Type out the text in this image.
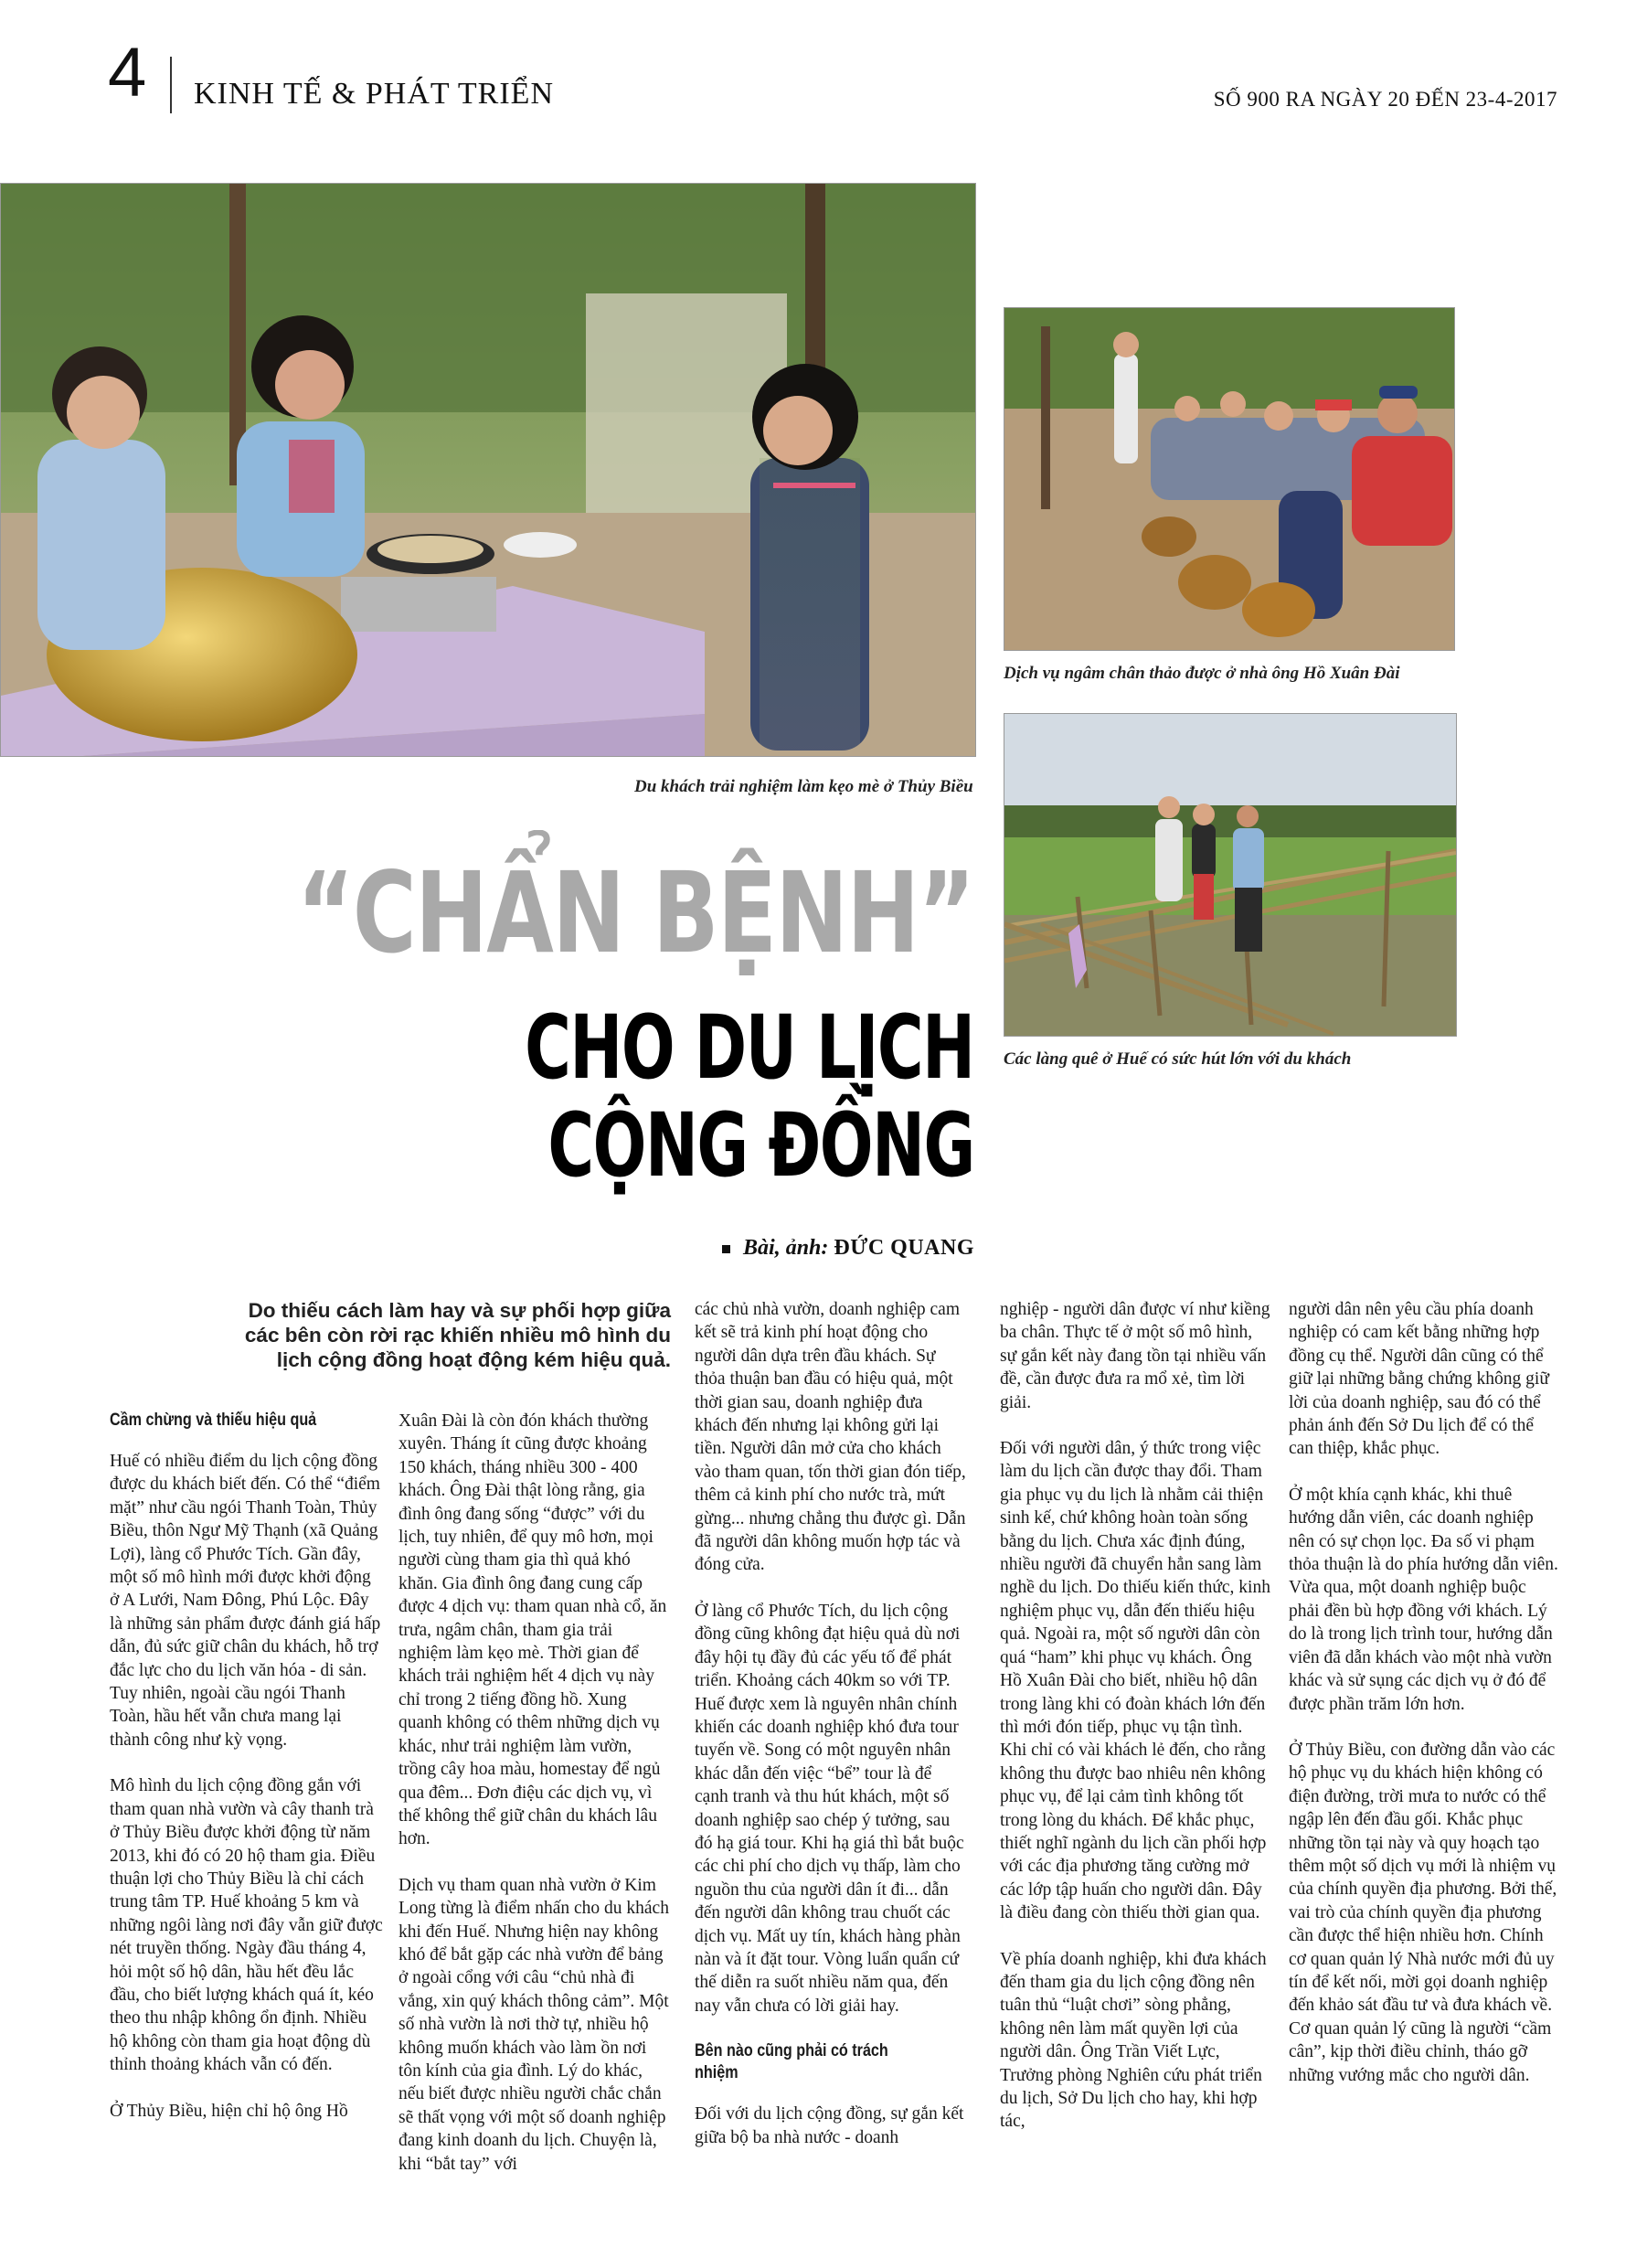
4 KINH TẾ & PHÁT TRIỂN	SỐ 900 RA NGÀY 20 ĐẾN 23-4-2017
Du khách trải nghiệm làm kẹo mè ở Thủy Biều
Dịch vụ ngâm chân thảo được ở nhà ông Hồ Xuân Đài
Các làng quê ở Huế có sức hút lớn với du khách
“CHẨN BỆNH”
CHO DU LỊCH
CỘNG ĐỒNG
Bài, ảnh: ĐỨC QUANG
Do thiếu cách làm hay và sự phối hợp giữa các bên còn rời rạc khiến nhiều mô hình du lịch cộng đồng hoạt động kém hiệu quả.
Cầm chừng và thiếu hiệu quả

Huế có nhiều điểm du lịch cộng đồng được du khách biết đến. Có thể “điểm mặt” như cầu ngói Thanh Toàn, Thủy Biều, thôn Ngư Mỹ Thạnh (xã Quảng Lợi), làng cổ Phước Tích. Gần đây, một số mô hình mới được khởi động ở A Lưới, Nam Đông, Phú Lộc. Đây là những sản phẩm được đánh giá hấp dẫn, đủ sức giữ chân du khách, hỗ trợ đắc lực cho du lịch văn hóa - di sản. Tuy nhiên, ngoài cầu ngói Thanh Toàn, hầu hết vẫn chưa mang lại thành công như kỳ vọng.

Mô hình du lịch cộng đồng gắn với tham quan nhà vườn và cây thanh trà ở Thủy Biều được khởi động từ năm 2013, khi đó có 20 hộ tham gia. Điều thuận lợi cho Thủy Biều là chỉ cách trung tâm TP. Huế khoảng 5 km và những ngôi làng nơi đây vẫn giữ được nét truyền thống. Ngày đầu tháng 4, hỏi một số hộ dân, hầu hết đều lắc đầu, cho biết lượng khách quá ít, kéo theo thu nhập không ổn định. Nhiều hộ không còn tham gia hoạt động dù thỉnh thoảng khách vẫn có đến.

Ở Thủy Biều, hiện chỉ hộ ông Hồ

Xuân Đài là còn đón khách thường xuyên. Tháng ít cũng được khoảng 150 khách, tháng nhiều 300 - 400 khách. Ông Đài thật lòng rằng, gia đình ông đang sống “được” với du lịch, tuy nhiên, để quy mô hơn, mọi người cùng tham gia thì quả khó khăn. Gia đình ông đang cung cấp được 4 dịch vụ: tham quan nhà cổ, ăn trưa, ngâm chân, tham gia trải nghiệm làm kẹo mè. Thời gian để khách trải nghiệm hết 4 dịch vụ này chỉ trong 2 tiếng đồng hồ. Xung quanh không có thêm những dịch vụ khác, như trải nghiệm làm vườn, trồng cây hoa màu, homestay để ngủ qua đêm... Đơn điệu các dịch vụ, vì thế không thể giữ chân du khách lâu hơn.

Dịch vụ tham quan nhà vườn ở Kim Long từng là điểm nhấn cho du khách khi đến Huế. Nhưng hiện nay không khó để bắt gặp các nhà vườn để bảng ở ngoài cổng với câu “chủ nhà đi vắng, xin quý khách thông cảm”. Một số nhà vườn là nơi thờ tự, nhiều hộ không muốn khách vào làm ồn nơi tôn kính của gia đình. Lý do khác, nếu biết được nhiều người chắc chắn sẽ thất vọng với một số doanh nghiệp đang kinh doanh du lịch. Chuyện là, khi “bắt tay” với

các chủ nhà vườn, doanh nghiệp cam kết sẽ trả kinh phí hoạt động cho người dân dựa trên đầu khách. Sự thỏa thuận ban đầu có hiệu quả, một thời gian sau, doanh nghiệp đưa khách đến nhưng lại không gửi lại tiền. Người dân mở cửa cho khách vào tham quan, tốn thời gian đón tiếp, thêm cả kinh phí cho nước trà, mứt gừng... nhưng chẳng thu được gì. Dẫn đã người dân không muốn hợp tác và đóng cửa.

Ở làng cổ Phước Tích, du lịch cộng đồng cũng không đạt hiệu quả dù nơi đây hội tụ đầy đủ các yếu tố để phát triển. Khoảng cách 40km so với TP. Huế được xem là nguyên nhân chính khiến các doanh nghiệp khó đưa tour tuyến về. Song có một nguyên nhân khác dẫn đến việc “bể” tour là để cạnh tranh và thu hút khách, một số doanh nghiệp sao chép ý tưởng, sau đó hạ giá tour. Khi hạ giá thì bắt buộc các chi phí cho dịch vụ thấp, làm cho nguồn thu của người dân ít đi... dẫn đến người dân không trau chuốt các dịch vụ. Mất uy tín, khách hàng phàn nàn và ít đặt tour. Vòng luẩn quẩn cứ thế diễn ra suốt nhiều năm qua, đến nay vẫn chưa có lời giải hay.

Bên nào cũng phải có trách nhiệm

Đối với du lịch cộng đồng, sự gắn kết giữa bộ ba nhà nước - doanh

nghiệp - người dân được ví như kiềng ba chân. Thực tế ở một số mô hình, sự gắn kết này đang tồn tại nhiều vấn đề, cần được đưa ra mổ xẻ, tìm lời giải.

Đối với người dân, ý thức trong việc làm du lịch cần được thay đổi. Tham gia phục vụ du lịch là nhằm cải thiện sinh kế, chứ không hoàn toàn sống bằng du lịch. Chưa xác định đúng, nhiều người đã chuyển hẳn sang làm nghề du lịch. Do thiếu kiến thức, kinh nghiệm phục vụ, dẫn đến thiếu hiệu quả. Ngoài ra, một số người dân còn quá “ham” khi phục vụ khách. Ông Hồ Xuân Đài cho biết, nhiều hộ dân trong làng khi có đoàn khách lớn đến thì mới đón tiếp, phục vụ tận tình. Khi chỉ có vài khách lẻ đến, cho rằng không thu được bao nhiêu nên không phục vụ, để lại cảm tình không tốt trong lòng du khách. Để khắc phục, thiết nghĩ ngành du lịch cần phối hợp với các địa phương tăng cường mở các lớp tập huấn cho người dân. Đây là điều đang còn thiếu thời gian qua.

Về phía doanh nghiệp, khi đưa khách đến tham gia du lịch cộng đồng nên tuân thủ “luật chơi” sòng phẳng, không nên làm mất quyền lợi của người dân. Ông Trần Viết Lực, Trưởng phòng Nghiên cứu phát triển du lịch, Sở Du lịch cho hay, khi hợp tác,

người dân nên yêu cầu phía doanh nghiệp có cam kết bằng những hợp đồng cụ thể. Người dân cũng có thể giữ lại những bằng chứng không giữ lời của doanh nghiệp, sau đó có thể phản ánh đến Sở Du lịch để có thể can thiệp, khắc phục.

Ở một khía cạnh khác, khi thuê hướng dẫn viên, các doanh nghiệp nên có sự chọn lọc. Đa số vi phạm thỏa thuận là do phía hướng dẫn viên. Vừa qua, một doanh nghiệp buộc phải đền bù hợp đồng với khách. Lý do là trong lịch trình tour, hướng dẫn viên đã dẫn khách vào một nhà vườn khác và sử sụng các dịch vụ ở đó để được phần trăm lớn hơn.

Ở Thủy Biều, con đường dẫn vào các hộ phục vụ du khách hiện không có điện đường, trời mưa to nước có thể ngập lên đến đầu gối. Khắc phục những tồn tại này và quy hoạch tạo thêm một số dịch vụ mới là nhiệm vụ của chính quyền địa phương. Bởi thế, vai trò của chính quyền địa phương cần được thể hiện nhiều hơn. Chính cơ quan quản lý Nhà nước mới đủ uy tín để kết nối, mời gọi doanh nghiệp đến khảo sát đầu tư và đưa khách về. Cơ quan quản lý cũng là người “cầm cân”, kịp thời điều chỉnh, tháo gỡ những vướng mắc cho người dân.
